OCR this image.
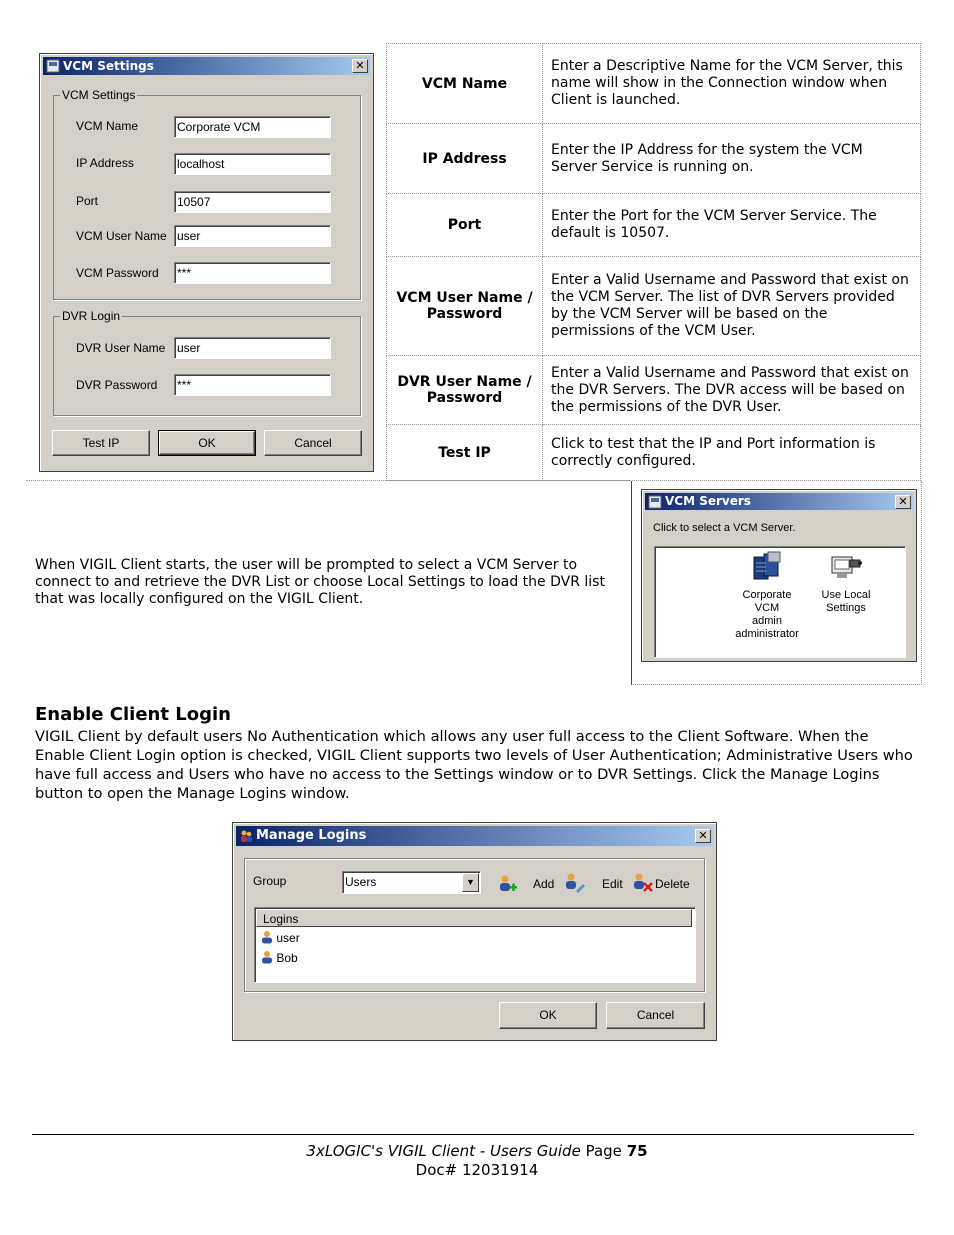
VCM Settings	✕
VCM Settings
VCM Name	Corporate VCM
IP Address	localhost
Port	10507
VCM User Name user
VCM Password ***
DVR Login
DVR User Name user
DVR Password ***
Test IP	OK	Cancel
VCM Name	Enter a Descriptive Name for the VCM Server, this name will show in the Connection window when Client is launched.
IP Address	Enter the IP Address for the system the VCM Server Service is running on.
Port	Enter the Port for the VCM Server Service. The default is 10507.
VCM User Name / Password	Enter a Valid Username and Password that exist on the VCM Server. The list of DVR Servers provided by the VCM Server will be based on the permissions of the VCM User.
DVR User Name / Password	Enter a Valid Username and Password that exist on the DVR Servers. The DVR access will be based on the permissions of the DVR User.
Test IP	Click to test that the IP and Port information is correctly configured.
When VIGIL Client starts, the user will be prompted to select a VCM Server to connect to and retrieve the DVR List or choose Local Settings to load the DVR list that was locally configured on the VIGIL Client.
VCM Servers	✕
Click to select a VCM Server.
Corporate
VCM
admin
administrator
Use Local
Settings
Enable Client Login
VIGIL Client by default users No Authentication which allows any user full access to the Client Software. When the Enable Client Login option is checked, VIGIL Client supports two levels of User Authentication; Administrative Users who have full access and Users who have no access to the Settings window or to DVR Settings. Click the Manage Logins button to open the Manage Logins window.
Manage Logins	✕
Group	Users	▼	Add	Edit	Delete
Logins
user
Bob
OK	Cancel
3xLOGIC's VIGIL Client - Users Guide Page 75
Doc# 12031914
